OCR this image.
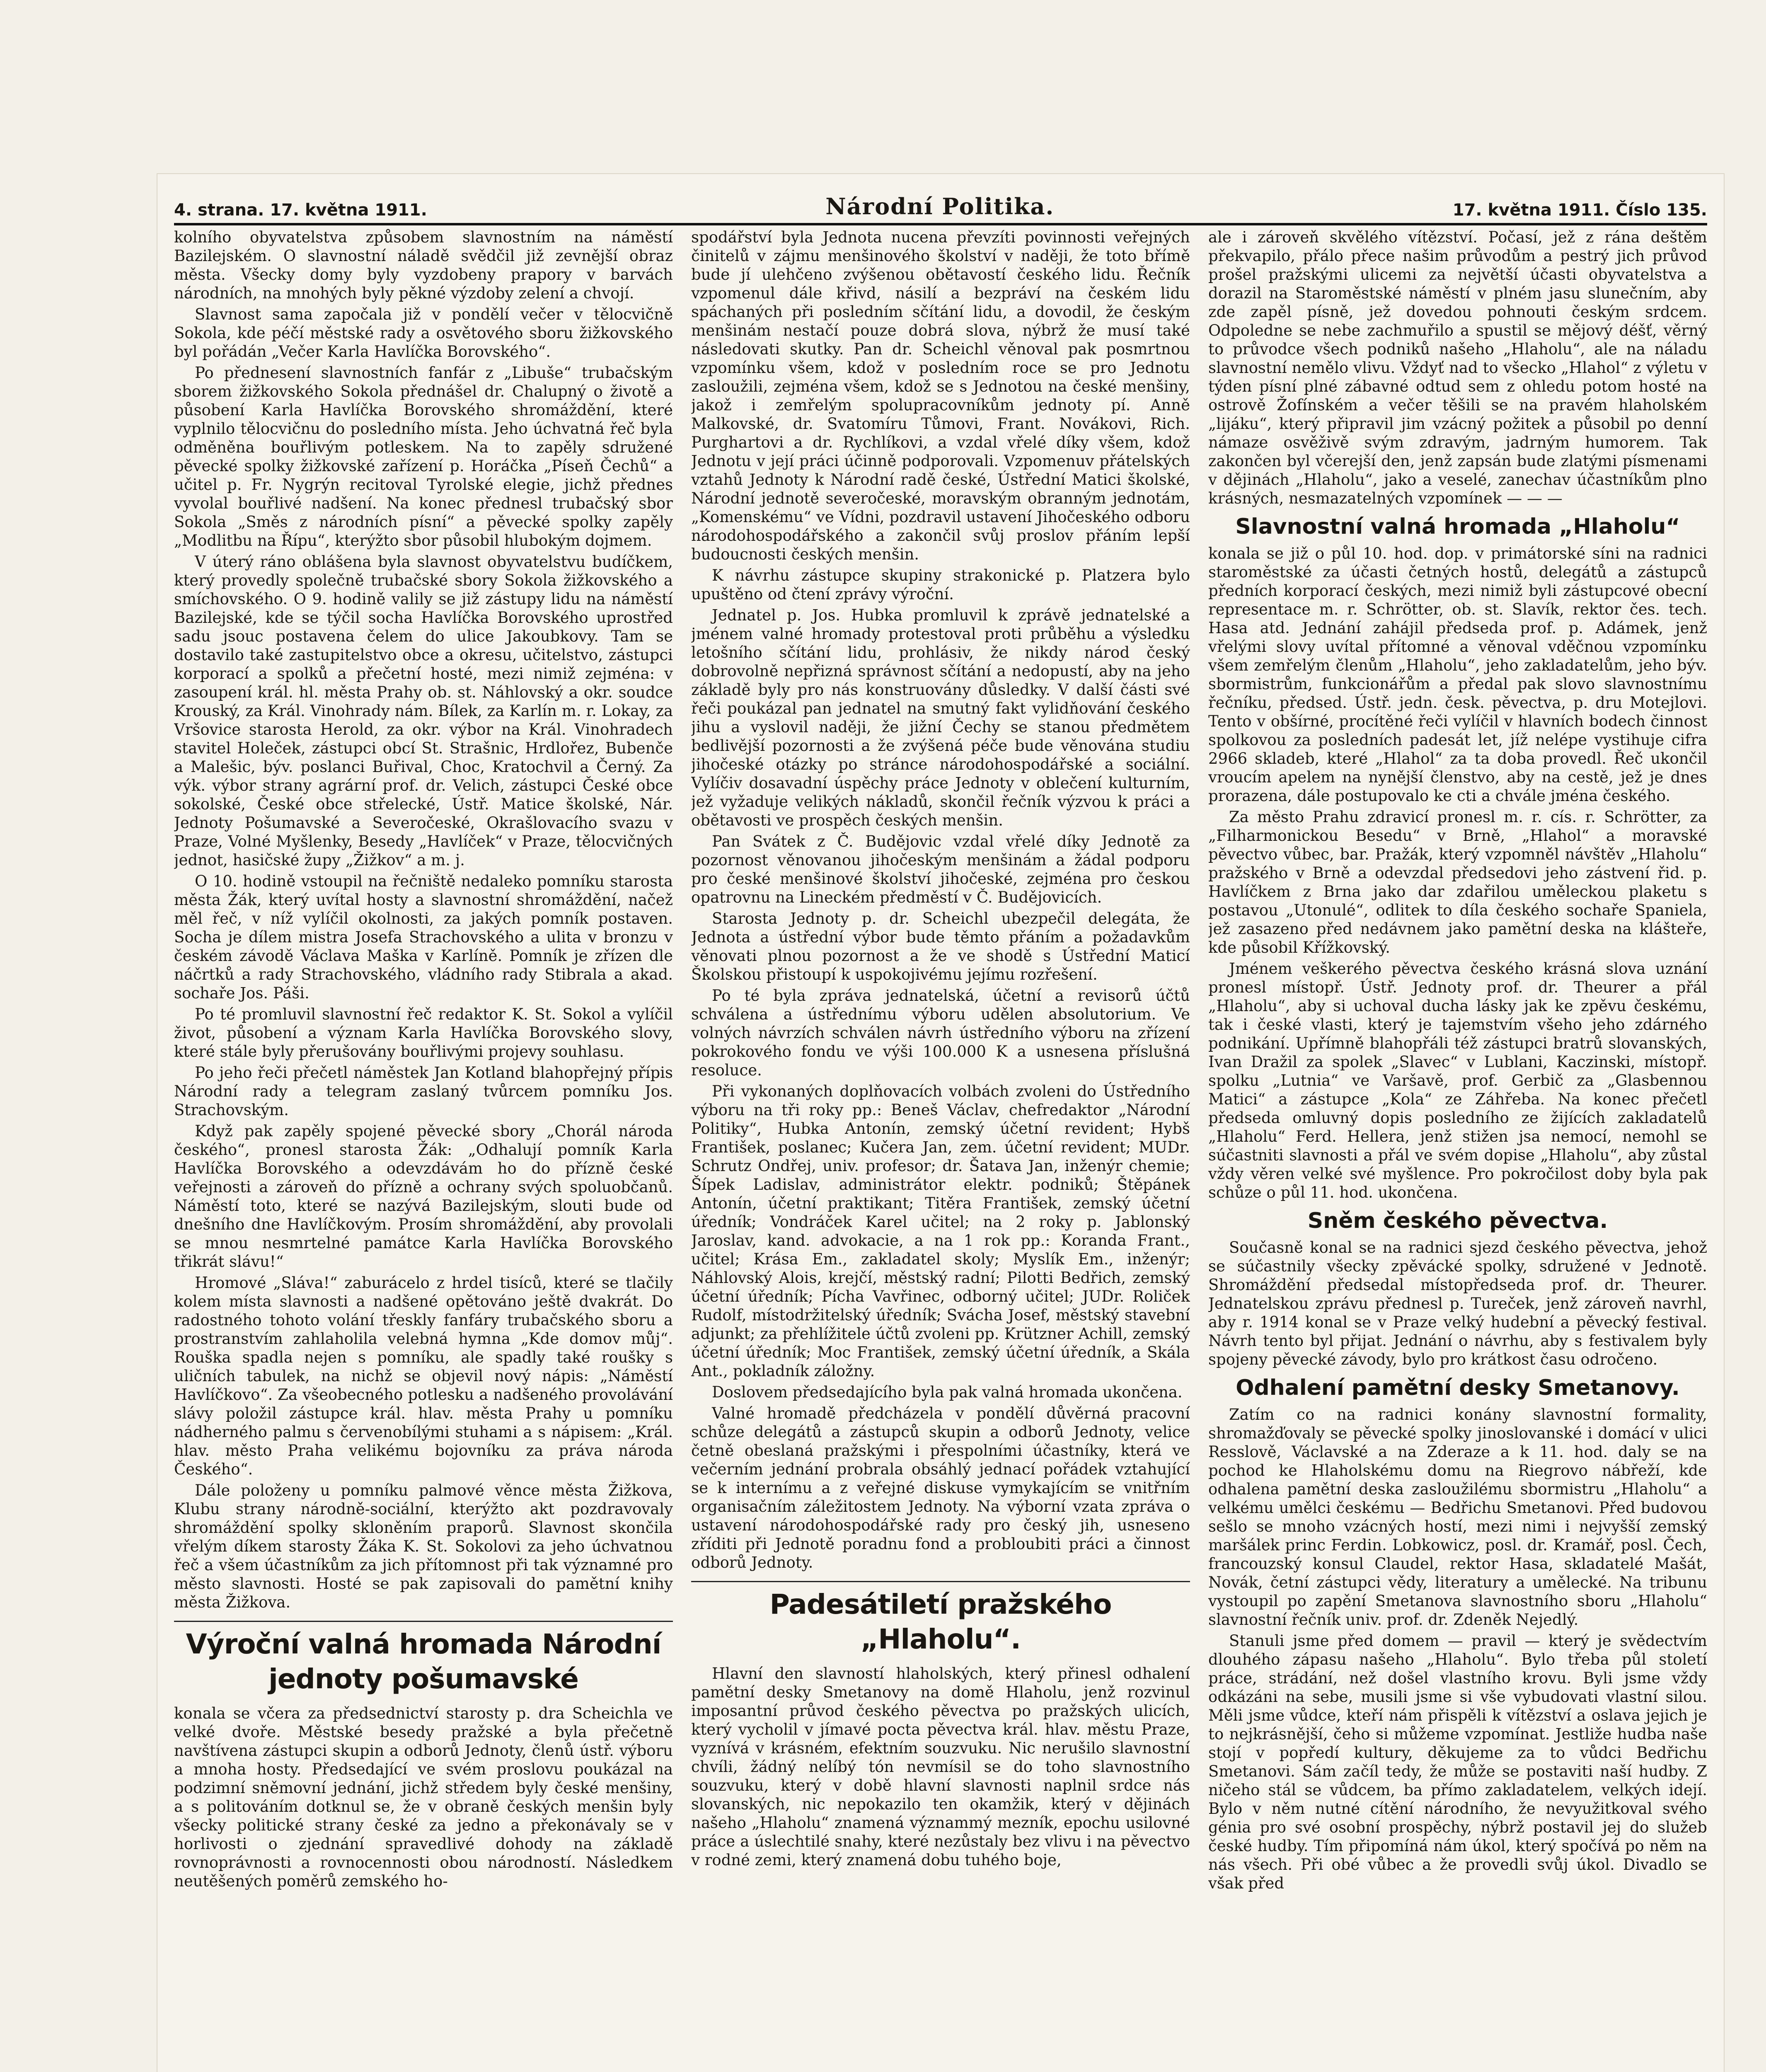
4. strana. 17. května 1911.	Národní Politika.	17. května 1911. Číslo 135.

kolního obyvatelstva způsobem slavnostním na náměstí Bazilejském. O slavnostní náladě svědčil již zevnější obraz města. Všecky domy byly vyzdobeny prapory v barvách národních, na mnohých byly pěkné výzdoby zelení a chvojí.

Slavnost sama započala již v pondělí večer v tělocvičně Sokola, kde péčí městské rady a osvětového sboru žižkovského byl pořádán „Večer Karla Havlíčka Borovského“.

Po přednesení slavnostních fanfár z „Libuše“ trubačským sborem žižkovského Sokola přednášel dr. Chalupný o životě a působení Karla Havlíčka Borovského shromáždění, které vyplnilo tělocvičnu do posledního místa. Jeho úchvatná řeč byla odměněna bouřlivým potleskem. Na to zapěly sdružené pěvecké spolky žižkovské zařízení p. Horáčka „Píseň Čechů“ a učitel p. Fr. Nygrýn recitoval Tyrolské elegie, jichž přednes vyvolal bouřlivé nadšení. Na konec přednesl trubačský sbor Sokola „Směs z národních písní“ a pěvecké spolky zapěly „Modlitbu na Řípu“, kterýžto sbor působil hlubokým dojmem.

V úterý ráno oblášena byla slavnost obyvatelstvu budíčkem, který provedly společně trubačské sbory Sokola žižkovského a smíchovského. O 9. hodině valily se již zástupy lidu na náměstí Bazilejské, kde se týčil socha Havlíčka Borovského uprostřed sadu jsouc postavena čelem do ulice Jakoubkovy. Tam se dostavilo také zastupitelstvo obce a okresu, učitelstvo, zástupci korporací a spolků a přečetní hosté, mezi nimiž zejména: v zasoupení král. hl. města Prahy ob. st. Náhlovský a okr. soudce Krouský, za Král. Vinohrady nám. Bílek, za Karlín m. r. Lokay, za Vršovice starosta Herold, za okr. výbor na Král. Vinohradech stavitel Holeček, zástupci obcí St. Strašnic, Hrdlořez, Bubenče a Malešic, býv. poslanci Buřival, Choc, Kratochvil a Černý. Za výk. výbor strany agrární prof. dr. Velich, zástupci České obce sokolské, České obce střelecké, Ústř. Matice školské, Nár. Jednoty Pošumavské a Severočeské, Okrašlovacího svazu v Praze, Volné Myšlenky, Besedy „Havlíček“ v Praze, tělocvičných jednot, hasičské župy „Žižkov“ a m. j.

O 10. hodině vstoupil na řečniště nedaleko pomníku starosta města Žák, který uvítal hosty a slavnostní shromáždění, načež měl řeč, v níž vylíčil okolnosti, za jakých pomník postaven. Socha je dílem mistra Josefa Strachovského a ulita v bronzu v českém závodě Václava Maška v Karlíně. Pomník je zřízen dle náčrtků a rady Strachovského, vládního rady Stibrala a akad. sochaře Jos. Páši.

Po té promluvil slavnostní řeč redaktor K. St. Sokol a vylíčil život, působení a význam Karla Havlíčka Borovského slovy, které stále byly přerušovány bouřlivými projevy souhlasu.

Po jeho řeči přečetl náměstek Jan Kotland blahopřejný přípis Národní rady a telegram zaslaný tvůrcem pomníku Jos. Strachovským.

Když pak zapěly spojené pěvecké sbory „Chorál národa českého“, pronesl starosta Žák: „Odhalují pomník Karla Havlíčka Borovského a odevzdávám ho do přízně české veřejnosti a zároveň do přízně a ochrany svých spoluobčanů. Náměstí toto, které se nazývá Bazilejským, slouti bude od dnešního dne Havlíčkovým. Prosím shromáždění, aby provolali se mnou nesmrtelné památce Karla Havlíčka Borovského třikrát slávu!“

Hromové „Sláva!“ zaburácelo z hrdel tisíců, které se tlačily kolem místa slavnosti a nadšené opětováno ještě dvakrát. Do radostného tohoto volání třeskly fanfáry trubačského sboru a prostranstvím zahlaholila velebná hymna „Kde domov můj“. Rouška spadla nejen s pomníku, ale spadly také roušky s uličních tabulek, na nichž se objevil nový nápis: „Náměstí Havlíčkovo“. Za všeobecného potlesku a nadšeného provolávání slávy položil zástupce král. hlav. města Prahy u pomníku nádherného palmu s červenobílými stuhami a s nápisem: „Král. hlav. město Praha velikému bojovníku za práva národa Českého“.

Dále položeny u pomníku palmové věnce města Žižkova, Klubu strany národně-sociální, kterýžto akt pozdravovaly shromáždění spolky skloněním praporů. Slavnost skončila vřelým díkem starosty Žáka K. St. Sokolovi za jeho úchvatnou řeč a všem účastníkům za jich přítomnost při tak významné pro město slavnosti. Hosté se pak zapisovali do pamětní knihy města Žižkova.

Výroční valná hromada Národní jednoty pošumavské

konala se včera za předsednictví starosty p. dra Scheichla ve velké dvoře. Městské besedy pražské a byla přečetně navštívena zástupci skupin a odborů Jednoty, členů ústř. výboru a mnoha hosty. Předsedající ve svém proslovu poukázal na podzimní sněmovní jednání, jichž středem byly české menšiny, a s politováním dotknul se, že v obraně českých menšin byly všecky politické strany české za jedno a překonávaly se v horlivosti o zjednání spravedlivé dohody na základě rovnoprávnosti a rovnocennosti obou národností. Následkem neutěšených poměrů zemského ho-

spodářství byla Jednota nucena převzíti povinnosti veřejných činitelů v zájmu menšinového školství v naději, že toto břímě bude jí ulehčeno zvýšenou obětavostí českého lidu. Řečník vzpomenul dále křivd, násilí a bezpráví na českém lidu spáchaných při posledním sčítání lidu, a dovodil, že českým menšinám nestačí pouze dobrá slova, nýbrž že musí také následovati skutky. Pan dr. Scheichl věnoval pak posmrtnou vzpomínku všem, kdož v posledním roce se pro Jednotu zasloužili, zejména všem, kdož se s Jednotou na české menšiny, jakož i zemřelým spolupracovníkům jednoty pí. Anně Malkovské, dr. Svatomíru Tůmovi, Frant. Novákovi, Rich. Purghartovi a dr. Rychlíkovi, a vzdal vřelé díky všem, kdož Jednotu v její práci účinně podporovali. Vzpomenuv přátelských vztahů Jednoty k Národní radě české, Ústřední Matici školské, Národní jednotě severočeské, moravským obranným jednotám, „Komenskému“ ve Vídni, pozdravil ustavení Jihočeského odboru národohospodářského a zakončil svůj proslov přáním lepší budoucnosti českých menšin.

K návrhu zástupce skupiny strakonické p. Platzera bylo upuštěno od čtení zprávy výroční.

Jednatel p. Jos. Hubka promluvil k zprávě jednatelské a jménem valné hromady protestoval proti průběhu a výsledku letošního sčítání lidu, prohlásiv, že nikdy národ český dobrovolně nepřizná správnost sčítání a nedopustí, aby na jeho základě byly pro nás konstruovány důsledky. V další části své řeči poukázal pan jednatel na smutný fakt vylidňování českého jihu a vyslovil naději, že jižní Čechy se stanou předmětem bedlivější pozornosti a že zvýšená péče bude věnována studiu jihočeské otázky po stránce národohospodářské a sociální. Vylíčiv dosavadní úspěchy práce Jednoty v oblečení kulturním, jež vyžaduje velikých nákladů, skončil řečník výzvou k práci a obětavosti ve prospěch českých menšin.

Pan Svátek z Č. Budějovic vzdal vřelé díky Jednotě za pozornost věnovanou jihočeským menšinám a žádal podporu pro české menšinové školství jihočeské, zejména pro českou opatrovnu na Lineckém předměstí v Č. Budějovicích.

Starosta Jednoty p. dr. Scheichl ubezpečil delegáta, že Jednota a ústřední výbor bude těmto přáním a požadavkům věnovati plnou pozornost a že ve shodě s Ústřední Maticí Školskou přistoupí k uspokojivému jejímu rozřešení.

Po té byla zpráva jednatelská, účetní a revisorů účtů schválena a ústřednímu výboru udělen absolutorium. Ve volných návrzích schválen návrh ústředního výboru na zřízení pokrokového fondu ve výši 100.000 K a usnesena příslušná resoluce.

Při vykonaných doplňovacích volbách zvoleni do Ústředního výboru na tři roky pp.: Beneš Václav, chefredaktor „Národní Politiky“, Hubka Antonín, zemský účetní revident; Hybš František, poslanec; Kučera Jan, zem. účetní revident; MUDr. Schrutz Ondřej, univ. profesor; dr. Šatava Jan, inženýr chemie; Šípek Ladislav, administrátor elektr. podniků; Štěpánek Antonín, účetní praktikant; Titěra František, zemský účetní úředník; Vondráček Karel učitel; na 2 roky p. Jablonský Jaroslav, kand. advokacie, a na 1 rok pp.: Koranda Frant., učitel; Krása Em., zakladatel skoly; Myslík Em., inženýr; Náhlovský Alois, krejčí, městský radní; Pilotti Bedřich, zemský účetní úředník; Pícha Vavřinec, odborný učitel; JUDr. Roliček Rudolf, místodržitelský úředník; Svácha Josef, městský stavební adjunkt; za přehlížitele účtů zvoleni pp. Krützner Achill, zemský účetní úředník; Moc František, zemský účetní úředník, a Skála Ant., pokladník záložny.

Doslovem předsedajícího byla pak valná hromada ukončena.

Valné hromadě předcházela v pondělí důvěrná pracovní schůze delegátů a zástupců skupin a odborů Jednoty, velice četně obeslaná pražskými i přespolními účastníky, která ve večerním jednání probrala obsáhlý jednací pořádek vztahující se k internímu a z veřejné diskuse vymykajícím se vnitřním organisačním záležitostem Jednoty. Na výborní vzata zpráva o ustavení národohospodářské rady pro český jih, usneseno zříditi při Jednotě poradnu fond a probloubiti práci a činnost odborů Jednoty.

Padesátiletí pražského „Hlaholu“.

Hlavní den slavností hlaholských, který přinesl odhalení pamětní desky Smetanovy na domě Hlaholu, jenž rozvinul imposantní průvod českého pěvectva po pražských ulicích, který vycholil v jímavé pocta pěvectva král. hlav. městu Praze, vyznívá v krásném, efektním souzvuku. Nic nerušilo slavnostní chvíli, žádný nelíbý tón nevmísil se do toho slavnostního souzvuku, který v době hlavní slavnosti naplnil srdce nás slovanských, nic nepokazilo ten okamžik, který v dějinách našeho „Hlaholu“ znamená význammý mezník, epochu usilovné práce a úslechtilé snahy, které nezůstaly bez vlivu i na pěvectvo v rodné zemi, který znamená dobu tuhého boje,

ale i zároveň skvělého vítězství. Počasí, jež z rána deštěm překvapilo, přálo přece našim průvodům a pestrý jich průvod prošel pražskými ulicemi za největší účasti obyvatelstva a dorazil na Staroměstské náměstí v plném jasu slunečním, aby zde zapěl písně, jež dovedou pohnouti českým srdcem. Odpoledne se nebe zachmuřilo a spustil se mějový déšť, věrný to průvodce všech podniků našeho „Hlaholu“, ale na náladu slavnostní nemělo vlivu. Vždyť nad to všecko „Hlahol“ z výletu v týden písní plné zábavné odtud sem z ohledu potom hosté na ostrově Žofínském a večer těšili se na pravém hlaholském „lijáku“, který připravil jim vzácný požitek a působil po denní námaze osvěživě svým zdravým, jadrným humorem. Tak zakončen byl včerejší den, jenž zapsán bude zlatými písmenami v dějinách „Hlaholu“, jako a veselé, zanechav účastníkům plno krásných, nesmazatelných vzpomínek — — —

Slavnostní valná hromada „Hlaholu“

konala se již o půl 10. hod. dop. v primátorské síni na radnici staroměstské za účasti četných hostů, delegátů a zástupců předních korporací českých, mezi nimiž byli zástupcové obecní representace m. r. Schrötter, ob. st. Slavík, rektor čes. tech. Hasa atd. Jednání zahájil předseda prof. p. Adámek, jenž vřelými slovy uvítal přítomné a věnoval vděčnou vzpomínku všem zemřelým členům „Hlaholu“, jeho zakladatelům, jeho býv. sbormistrům, funkcionářům a předal pak slovo slavnostnímu řečníku, předsed. Ústř. jedn. česk. pěvectva, p. dru Motejlovi. Tento v obšírné, procítěné řeči vylíčil v hlavních bodech činnost spolkovou za posledních padesát let, jíž nelépe vystihuje cifra 2966 skladeb, které „Hlahol“ za ta doba provedl. Řeč ukončil vroucím apelem na nynější členstvo, aby na cestě, jež je dnes prorazena, dále postupovalo ke cti a chvále jména českého.

Za město Prahu zdravicí pronesl m. r. cís. r. Schrötter, za „Filharmonickou Besedu“ v Brně, „Hlahol“ a moravské pěvectvo vůbec, bar. Pražák, který vzpomněl návštěv „Hlaholu“ pražského v Brně a odevzdal předsedovi jeho zástvení řid. p. Havlíčkem z Brna jako dar zdařilou uměleckou plaketu s postavou „Utonulé“, odlitek to díla českého sochaře Spaniela, jež zasazeno před nedávnem jako pamětní deska na klášteře, kde působil Křížkovský.

Jménem veškerého pěvectva českého krásná slova uznání pronesl místopř. Ústř. Jednoty prof. dr. Theurer a přál „Hlaholu“, aby si uchoval ducha lásky jak ke zpěvu českému, tak i české vlasti, který je tajemstvím všeho jeho zdárného podnikání. Upřímně blahopřáli též zástupci bratrů slovanských, Ivan Dražil za spolek „Slavec“ v Lublani, Kaczinski, místopř. spolku „Lutnia“ ve Varšavě, prof. Gerbič za „Glasbennou Matici“ a zástupce „Kola“ ze Záhřeba. Na konec přečetl předseda omluvný dopis posledního ze žijících zakladatelů „Hlaholu“ Ferd. Hellera, jenž stižen jsa nemocí, nemohl se súčastniti slavnosti a přál ve svém dopise „Hlaholu“, aby zůstal vždy věren velké své myšlence. Pro pokročilost doby byla pak schůze o půl 11. hod. ukončena.

Sněm českého pěvectva.

Současně konal se na radnici sjezd českého pěvectva, jehož se súčastnily všecky zpěvácké spolky, sdružené v Jednotě. Shromáždění předsedal místopředseda prof. dr. Theurer. Jednatelskou zprávu přednesl p. Tureček, jenž zároveň navrhl, aby r. 1914 konal se v Praze velký hudební a pěvecký festival. Návrh tento byl přijat. Jednání o návrhu, aby s festivalem byly spojeny pěvecké závody, bylo pro krátkost času odročeno.

Odhalení pamětní desky Smetanovy.

Zatím co na radnici konány slavnostní formality, shromažďovaly se pěvecké spolky jinoslovanské i domácí v ulici Resslově, Václavské a na Zderaze a k 11. hod. daly se na pochod ke Hlaholskému domu na Riegrovo nábřeží, kde odhalena pamětní deska zasloužilému sbormistru „Hlaholu“ a velkému umělci českému — Bedřichu Smetanovi. Před budovou sešlo se mnoho vzácných hostí, mezi nimi i nejvyšší zemský maršálek princ Ferdin. Lobkowicz, posl. dr. Kramář, posl. Čech, francouzský konsul Claudel, rektor Hasa, skladatelé Mašát, Novák, četní zástupci vědy, literatury a umělecké. Na tribunu vystoupil po zapění Smetanova slavnostního sboru „Hlaholu“ slavnostní řečník univ. prof. dr. Zdeněk Nejedlý.

Stanuli jsme před domem — pravil — který je svědectvím dlouhého zápasu našeho „Hlaholu“. Bylo třeba půl století práce, strádání, než došel vlastního krovu. Byli jsme vždy odkázáni na sebe, musili jsme si vše vybudovati vlastní silou. Měli jsme vůdce, kteří nám přispěli k vítězství a oslava jejich je to nejkrásnější, čeho si můžeme vzpomínat. Jestliže hudba naše stojí v popředí kultury, děkujeme za to vůdci Bedřichu Smetanovi. Sám začíl tedy, že může se postaviti naší hudby. Z ničeho stál se vůdcem, ba přímo zakladatelem, velkých idejí. Bylo v něm nutné cítění národního, že nevyužitkoval svého génia pro své osobní prospěchy, nýbrž postavil jej do služeb české hudby. Tím připomíná nám úkol, který spočívá po něm na nás všech. Při obé vůbec a že provedli svůj úkol. Divadlo se však před
